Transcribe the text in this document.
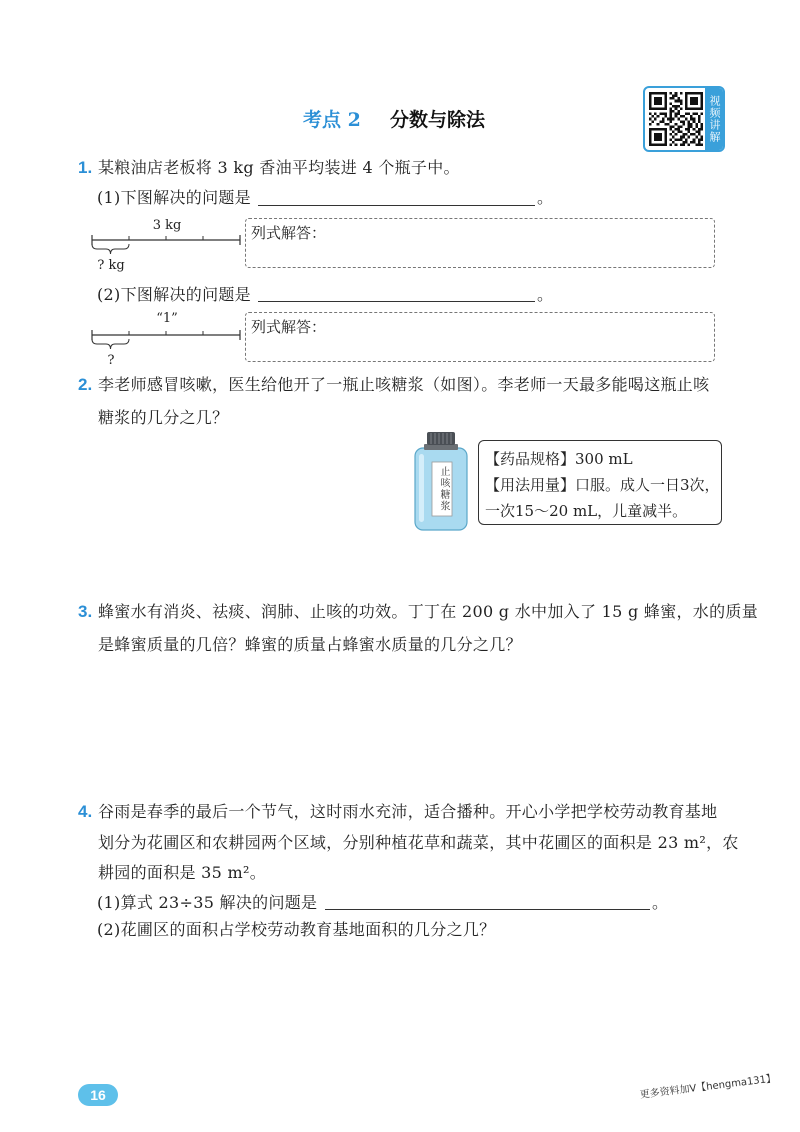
考点 2 分数与除法	视频讲解
1. 某粮油店老板将 3 kg 香油平均装进 4 个瓶子中。
(1)下图解决的问题是	。
3 kg
? kg
列式解答：
(2)下图解决的问题是	。
“1”
?
列式解答：
2. 李老师感冒咳嗽，医生给他开了一瓶止咳糖浆（如图）。李老师一天最多能喝这瓶止咳
糖浆的几分之几？
止咳糖浆
【药品规格】300 mL
【用法用量】口服。成人一日3次，
一次15～20 mL，儿童减半。
3. 蜂蜜水有消炎、祛痰、润肺、止咳的功效。丁丁在 200 g 水中加入了 15 g 蜂蜜，水的质量
是蜂蜜质量的几倍？蜂蜜的质量占蜂蜜水质量的几分之几？
4. 谷雨是春季的最后一个节气，这时雨水充沛，适合播种。开心小学把学校劳动教育基地
划分为花圃区和农耕园两个区域，分别种植花草和蔬菜，其中花圃区的面积是 23 m²，农
耕园的面积是 35 m²。
(1)算式 23÷35 解决的问题是	。
(2)花圃区的面积占学校劳动教育基地面积的几分之几？
16	更多资料加V【hengma131】
